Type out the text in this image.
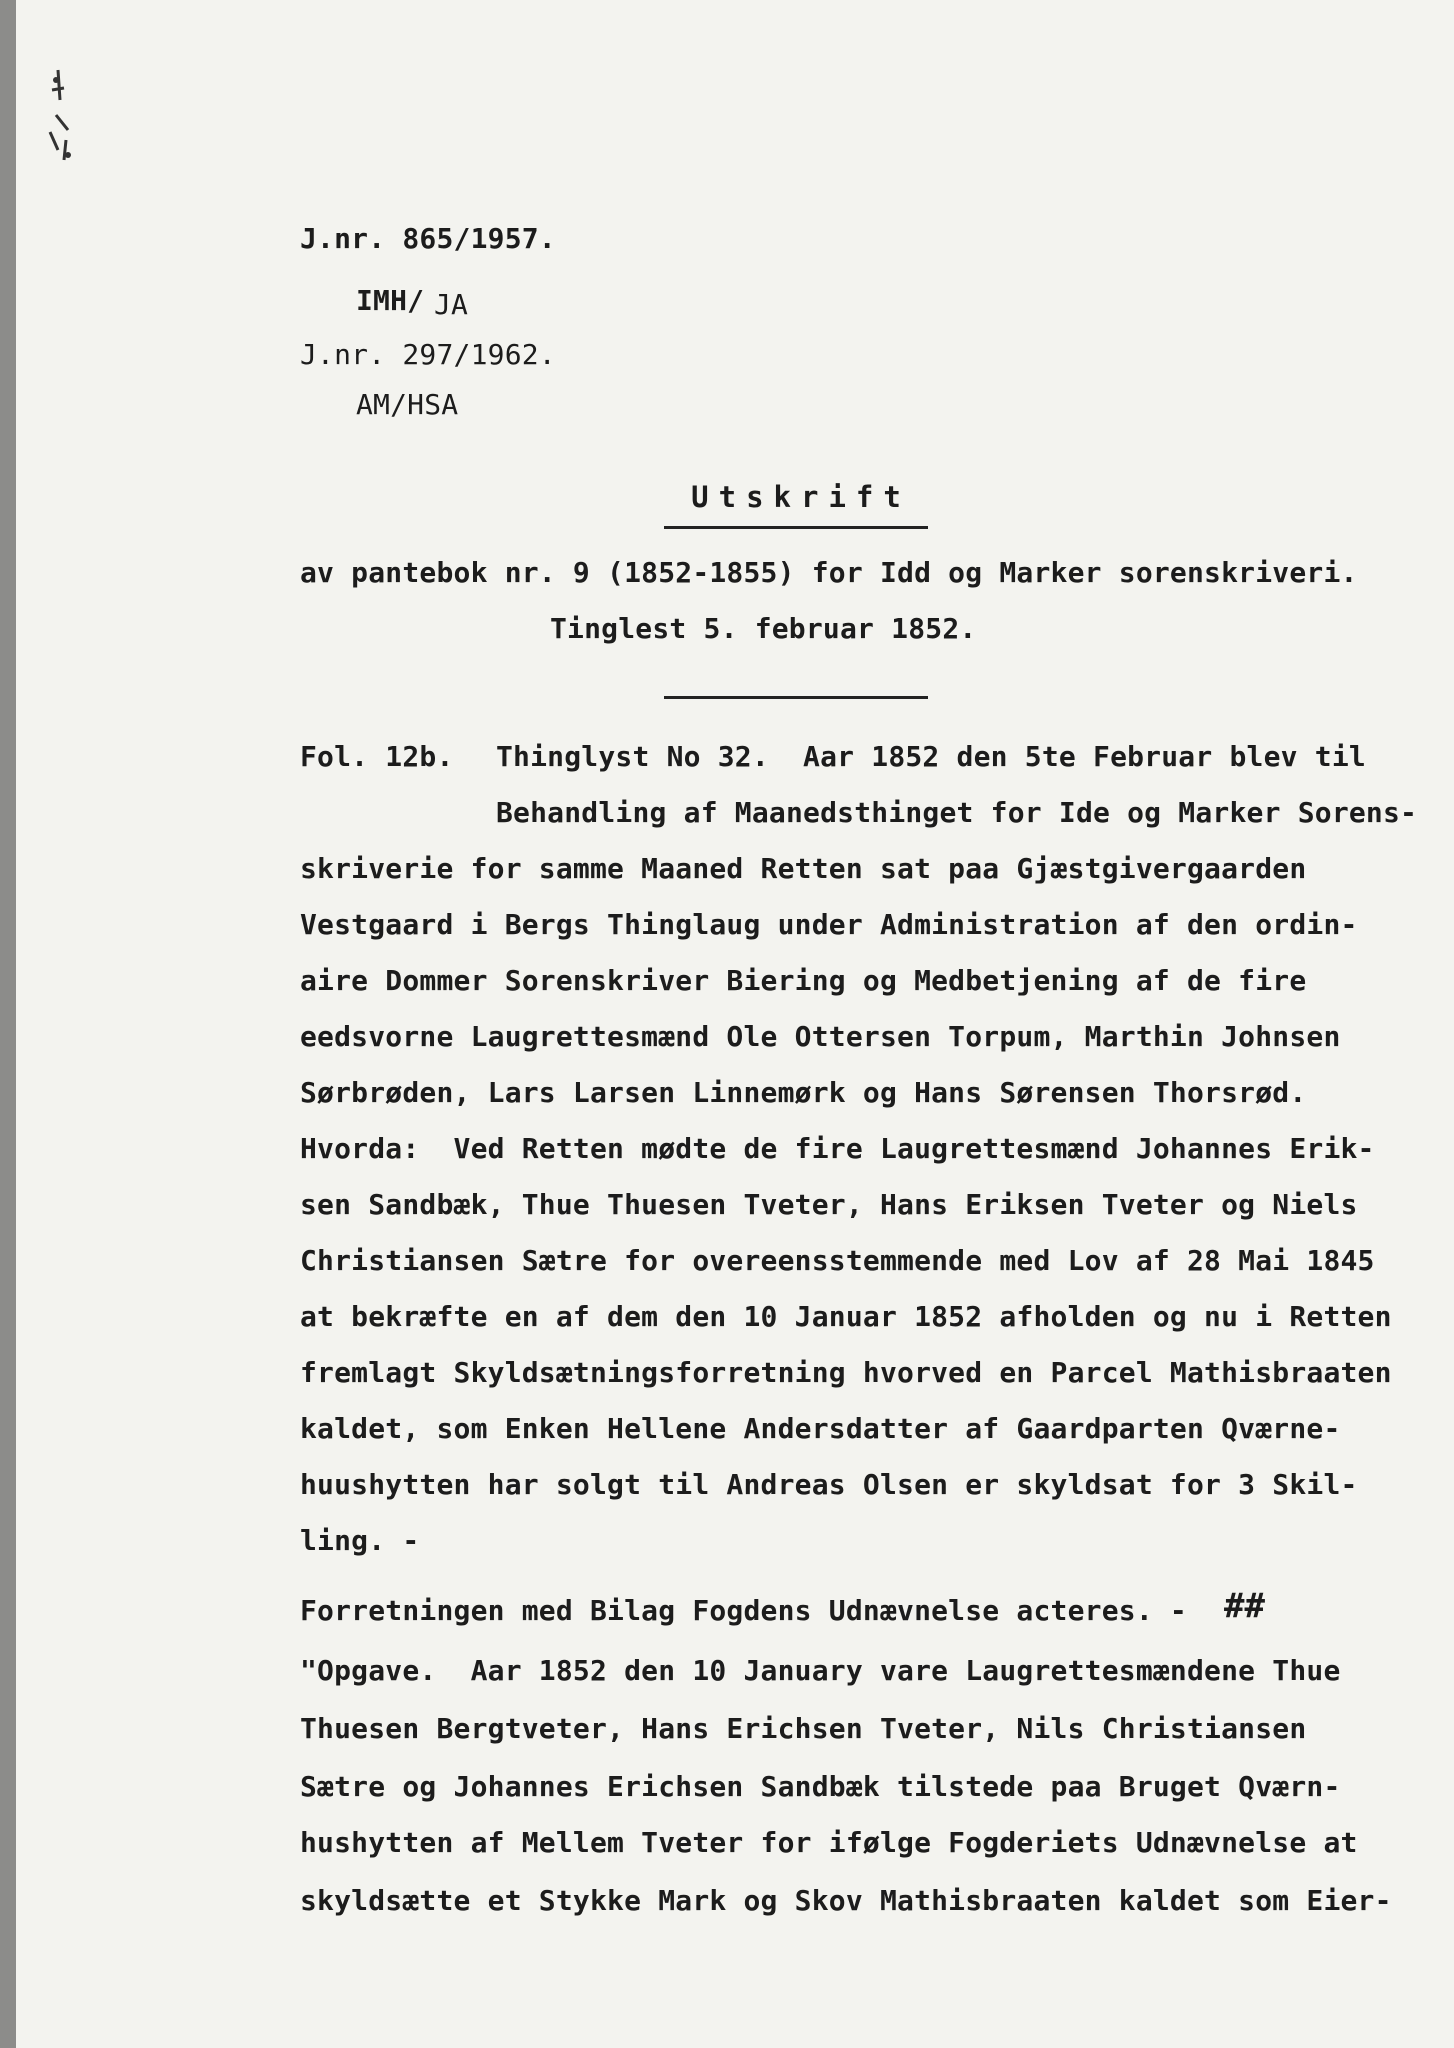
J.nr. 865/1957.
IMH/ JA
J.nr. 297/1962.
AM/HSA
Utskrift
av pantebok nr. 9 (1852-1855) for Idd og Marker sorenskriveri.
Tinglest 5. februar 1852.
Fol. 12b. Thinglyst No 32.  Aar 1852 den 5te Februar blev til
Behandling af Maanedsthinget for Ide og Marker Sorens-
skriverie for samme Maaned Retten sat paa Gjæstgivergaarden
Vestgaard i Bergs Thinglaug under Administration af den ordin-
aire Dommer Sorenskriver Biering og Medbetjening af de fire
eedsvorne Laugrettesmænd Ole Ottersen Torpum, Marthin Johnsen
Sørbrøden, Lars Larsen Linnemørk og Hans Sørensen Thorsrød.
Hvorda:  Ved Retten mødte de fire Laugrettesmænd Johannes Erik-
sen Sandbæk, Thue Thuesen Tveter, Hans Eriksen Tveter og Niels
Christiansen Sætre for overeensstemmende med Lov af 28 Mai 1845
at bekræfte en af dem den 10 Januar 1852 afholden og nu i Retten
fremlagt Skyldsætningsforretning hvorved en Parcel Mathisbraaten
kaldet, som Enken Hellene Andersdatter af Gaardparten Qværne-
huushytten har solgt til Andreas Olsen er skyldsat for 3 Skil-
ling. -
Forretningen med Bilag Fogdens Udnævnelse acteres. - ##
"Opgave.  Aar 1852 den 10 January vare Laugrettesmændene Thue
Thuesen Bergtveter, Hans Erichsen Tveter, Nils Christiansen
Sætre og Johannes Erichsen Sandbæk tilstede paa Bruget Qværn-
hushytten af Mellem Tveter for ifølge Fogderiets Udnævnelse at
skyldsætte et Stykke Mark og Skov Mathisbraaten kaldet som Eier-
